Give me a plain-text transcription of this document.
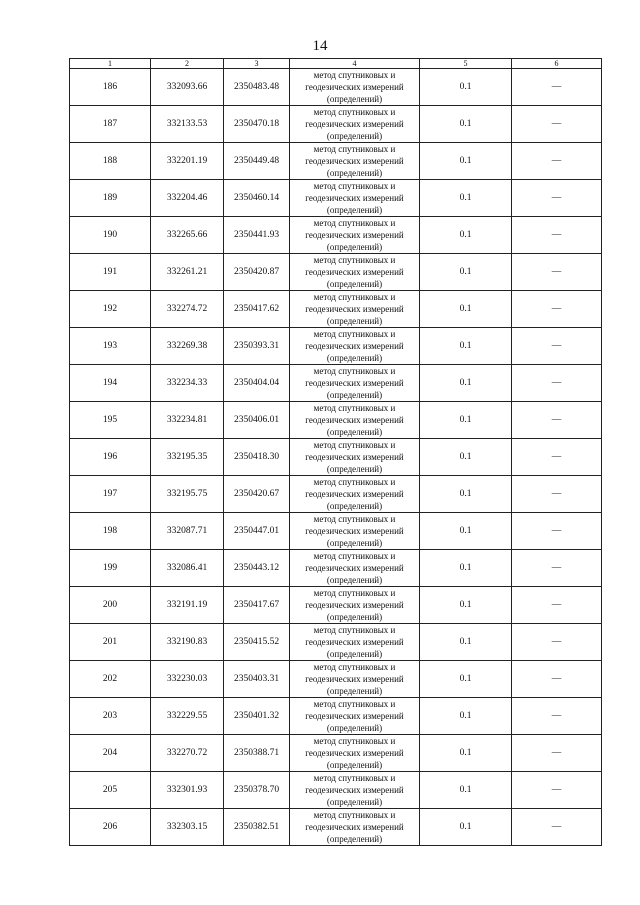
14
1	2	3	4	5	6
186	332093.66	2350483.48	метод спутниковых и
геодезических измерений
(определений)	0.1	—
187	332133.53	2350470.18	метод спутниковых и
геодезических измерений
(определений)	0.1	—
188	332201.19	2350449.48	метод спутниковых и
геодезических измерений
(определений)	0.1	—
189	332204.46	2350460.14	метод спутниковых и
геодезических измерений
(определений)	0.1	—
190	332265.66	2350441.93	метод спутниковых и
геодезических измерений
(определений)	0.1	—
191	332261.21	2350420.87	метод спутниковых и
геодезических измерений
(определений)	0.1	—
192	332274.72	2350417.62	метод спутниковых и
геодезических измерений
(определений)	0.1	—
193	332269.38	2350393.31	метод спутниковых и
геодезических измерений
(определений)	0.1	—
194	332234.33	2350404.04	метод спутниковых и
геодезических измерений
(определений)	0.1	—
195	332234.81	2350406.01	метод спутниковых и
геодезических измерений
(определений)	0.1	—
196	332195.35	2350418.30	метод спутниковых и
геодезических измерений
(определений)	0.1	—
197	332195.75	2350420.67	метод спутниковых и
геодезических измерений
(определений)	0.1	—
198	332087.71	2350447.01	метод спутниковых и
геодезических измерений
(определений)	0.1	—
199	332086.41	2350443.12	метод спутниковых и
геодезических измерений
(определений)	0.1	—
200	332191.19	2350417.67	метод спутниковых и
геодезических измерений
(определений)	0.1	—
201	332190.83	2350415.52	метод спутниковых и
геодезических измерений
(определений)	0.1	—
202	332230.03	2350403.31	метод спутниковых и
геодезических измерений
(определений)	0.1	—
203	332229.55	2350401.32	метод спутниковых и
геодезических измерений
(определений)	0.1	—
204	332270.72	2350388.71	метод спутниковых и
геодезических измерений
(определений)	0.1	—
205	332301.93	2350378.70	метод спутниковых и
геодезических измерений
(определений)	0.1	—
206	332303.15	2350382.51	метод спутниковых и
геодезических измерений
(определений)	0.1	—
